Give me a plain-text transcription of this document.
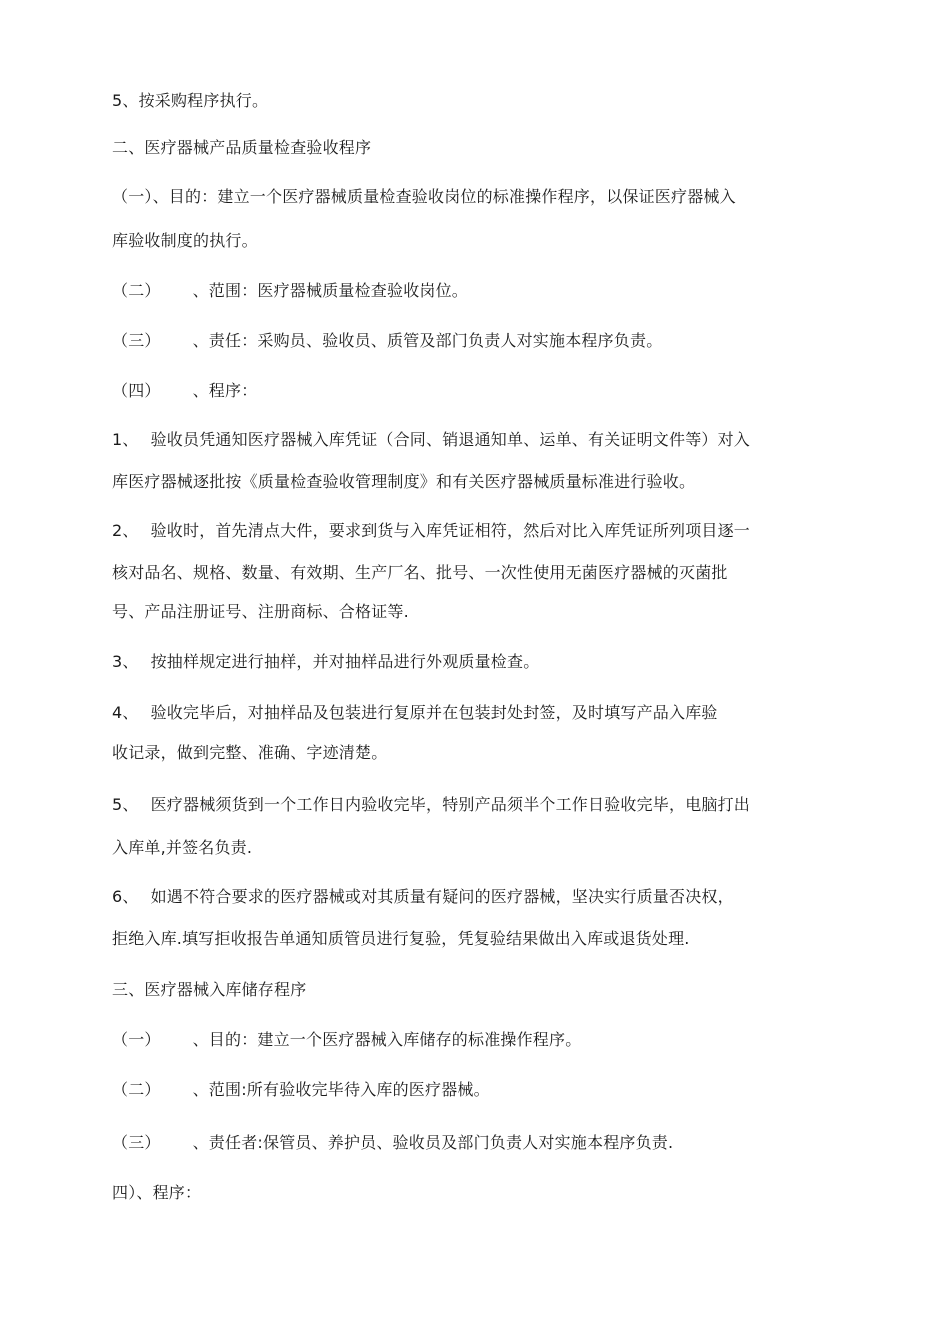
5、按采购程序执行。
二、医疗器械产品质量检查验收程序
（一）、目的：建立一个医疗器械质量检查验收岗位的标准操作程序，以保证医疗器械入
库验收制度的执行。
（二） 、范围：医疗器械质量检查验收岗位。
（三） 、责任：采购员、验收员、质管及部门负责人对实施本程序负责。
（四） 、程序：
1、 验收员凭通知医疗器械入库凭证（合同、销退通知单、运单、有关证明文件等）对入
库医疗器械逐批按《质量检查验收管理制度》和有关医疗器械质量标准进行验收。
2、 验收时，首先清点大件，要求到货与入库凭证相符，然后对比入库凭证所列项目逐一
核对品名、规格、数量、有效期、生产厂名、批号、一次性使用无菌医疗器械的灭菌批
号、产品注册证号、注册商标、合格证等.
3、 按抽样规定进行抽样，并对抽样品进行外观质量检查。
4、 验收完毕后，对抽样品及包装进行复原并在包装封处封签，及时填写产品入库验
收记录，做到完整、准确、字迹清楚。
5、 医疗器械须货到一个工作日内验收完毕，特别产品须半个工作日验收完毕，电脑打出
入库单,并签名负责.
6、 如遇不符合要求的医疗器械或对其质量有疑问的医疗器械，坚决实行质量否决权，
拒绝入库.填写拒收报告单通知质管员进行复验，凭复验结果做出入库或退货处理.
三、医疗器械入库储存程序
（一） 、目的：建立一个医疗器械入库储存的标准操作程序。
（二） 、范围:所有验收完毕待入库的医疗器械。
（三） 、责任者:保管员、养护员、验收员及部门负责人对实施本程序负责.
四）、程序：
